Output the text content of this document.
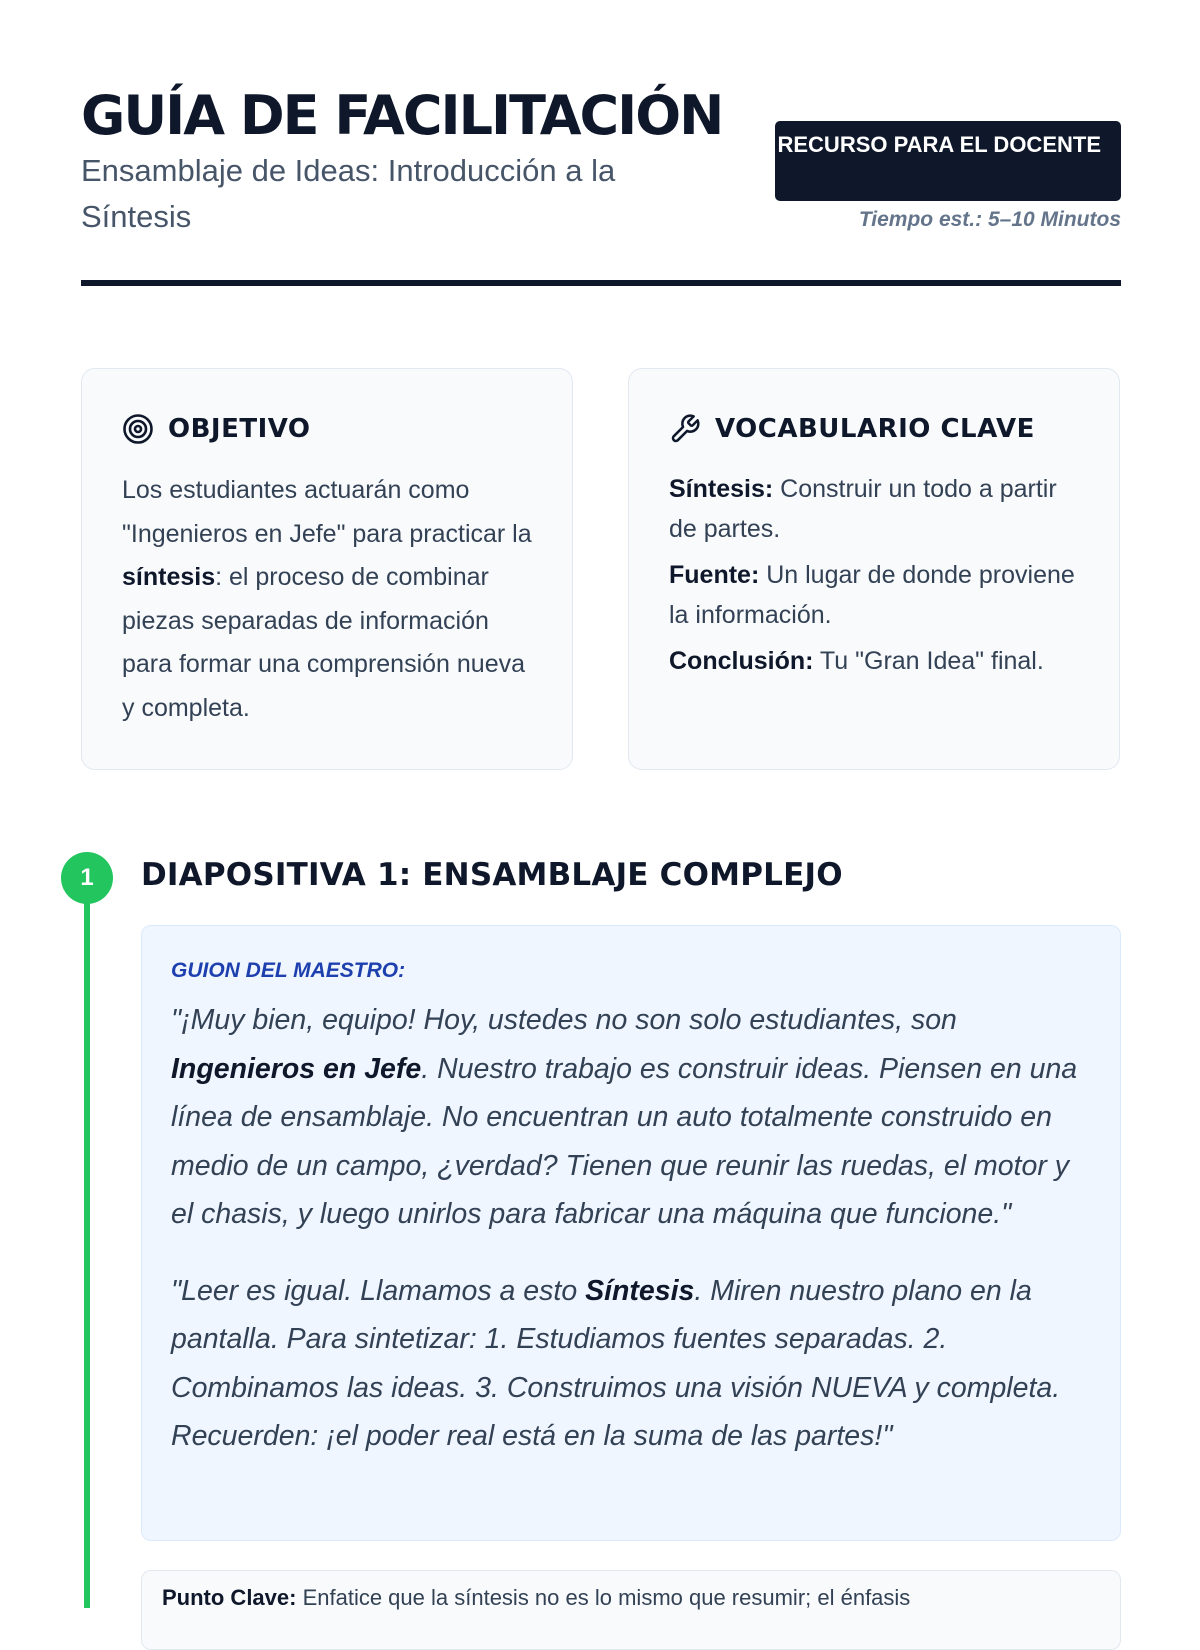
GUÍA DE FACILITACIÓN
Ensamblaje de Ideas: Introducción a la Síntesis
RECURSO PARA EL DOCENTE
Tiempo est.: 5–10 Minutos
OBJETIVO

Los estudiantes actuarán como "Ingenieros en Jefe" para practicar la síntesis: el proceso de combinar piezas separadas de información para formar una comprensión nueva y completa.

VOCABULARIO CLAVE

Síntesis: Construir un todo a partir de partes.

Fuente: Un lugar de donde proviene la información.

Conclusión: Tu "Gran Idea" final.

1	DIAPOSITIVA 1: ENSAMBLAJE COMPLEJO
GUION DEL MAESTRO:

"¡Muy bien, equipo! Hoy, ustedes no son solo estudiantes, son Ingenieros en Jefe. Nuestro trabajo es construir ideas. Piensen en una línea de ensamblaje. No encuentran un auto totalmente construido en medio de un campo, ¿verdad? Tienen que reunir las ruedas, el motor y el chasis, y luego unirlos para fabricar una máquina que funcione."

"Leer es igual. Llamamos a esto Síntesis. Miren nuestro plano en la pantalla. Para sintetizar: 1. Estudiamos fuentes separadas. 2. Combinamos las ideas. 3. Construimos una visión NUEVA y completa. Recuerden: ¡el poder real está en la suma de las partes!"

Punto Clave: Enfatice que la síntesis no es lo mismo que resumir; el énfasis
